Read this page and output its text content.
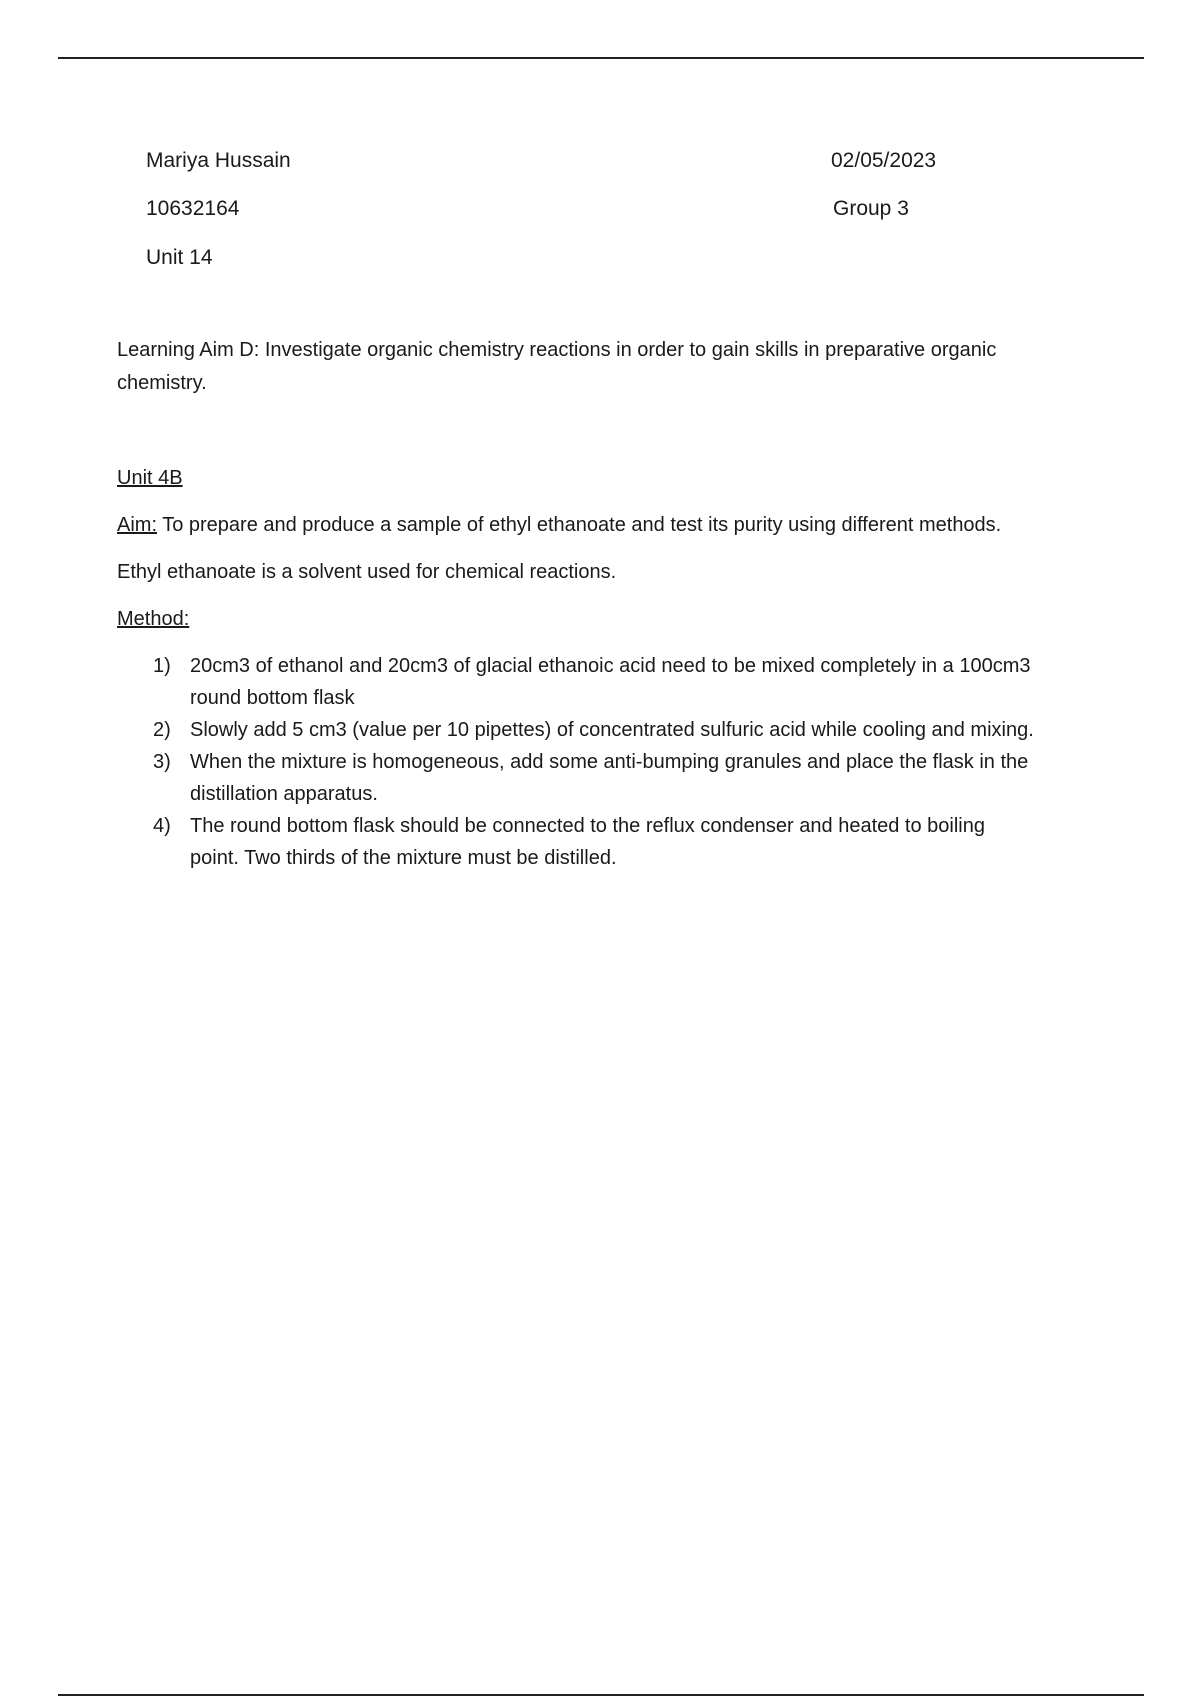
Mariya Hussain
10632164
Unit 14
02/05/2023
Group 3

Learning Aim D: Investigate organic chemistry reactions in order to gain skills in preparative organic chemistry.

Unit 4B

Aim: To prepare and produce a sample of ethyl ethanoate and test its purity using different methods.

Ethyl ethanoate is a solvent used for chemical reactions.

Method:

1) 20cm3 of ethanol and 20cm3 of glacial ethanoic acid need to be mixed completely in a 100cm3 round bottom flask
2) Slowly add 5 cm3 (value per 10 pipettes) of concentrated sulfuric acid while cooling and mixing.
3) When the mixture is homogeneous, add some anti-bumping granules and place the flask in the distillation apparatus.
4) The round bottom flask should be connected to the reflux condenser and heated to boiling point. Two thirds of the mixture must be distilled.
